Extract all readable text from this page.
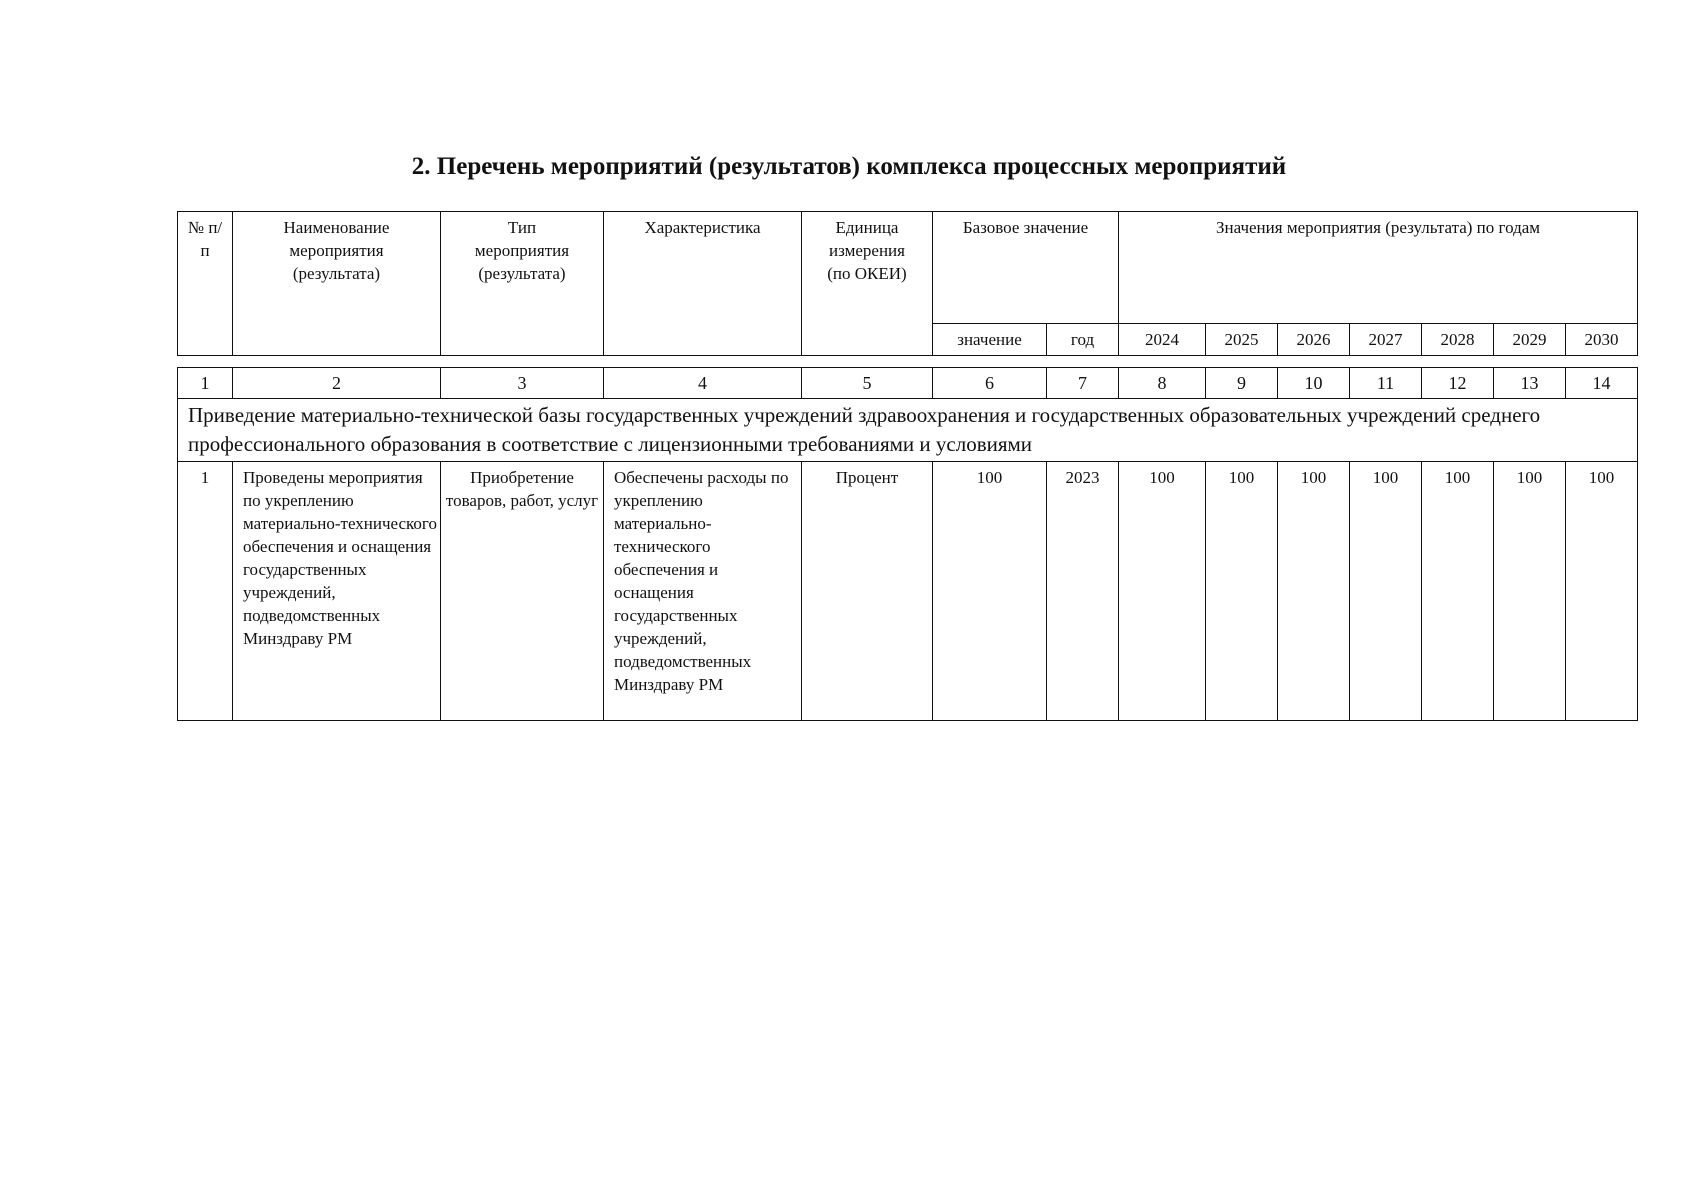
2. Перечень мероприятий (результатов) комплекса процессных мероприятий
№ п/п	Наименование мероприятия (результата)	Тип мероприятия (результата)	Характеристика	Единица измерения (по ОКЕИ)	Базовое значение		Значения мероприятия (результата) по годам						
					значение	год	2024	2025	2026	2027	2028	2029	2030
1	2	3	4	5	6	7	8	9	10	11	12	13	14
Приведение материально-технической базы государственных учреждений здравоохранения и государственных образовательных учреждений среднего профессионального образования в соответствие с лицензионными требованиями и условиями													
1	Проведены мероприятия по укреплению материально-технического обеспечения и оснащения государственных учреждений, подведомственных Минздраву РМ	Приобретение товаров, работ, услуг	Обеспечены расходы по укреплению материально-технического обеспечения и оснащения государственных учреждений, подведомственных Минздраву РМ	Процент	100	2023	100	100	100	100	100	100	100
